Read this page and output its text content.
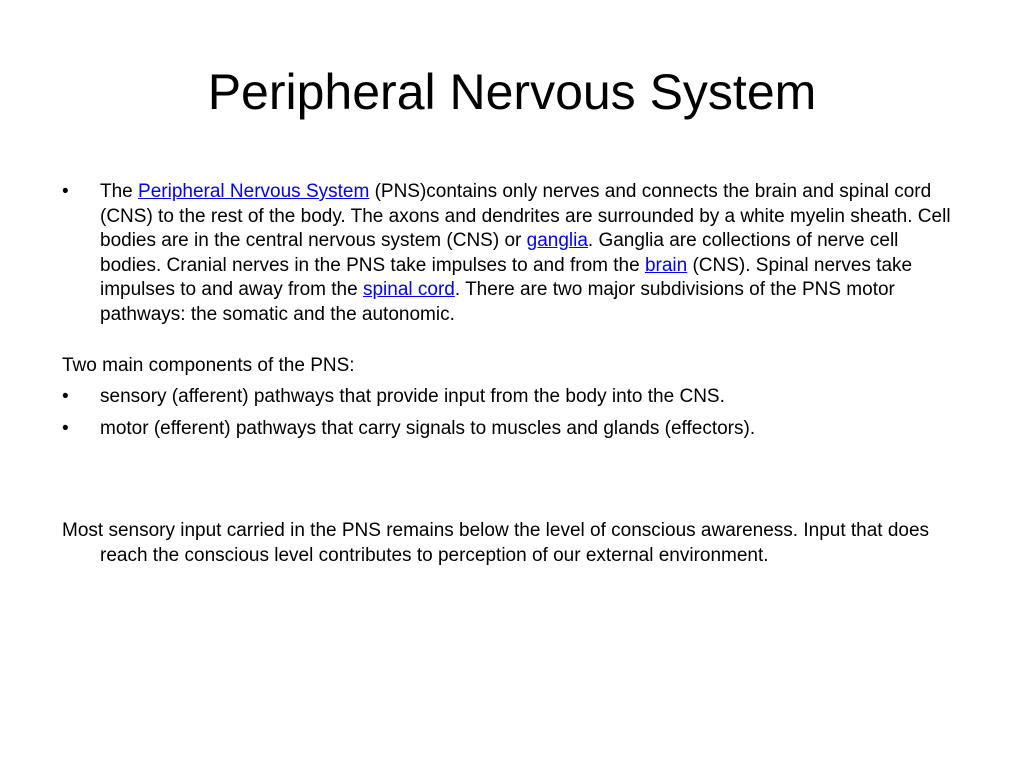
Peripheral Nervous System

• The Peripheral Nervous System (PNS)contains only nerves and connects the brain and spinal cord (CNS) to the rest of the body. The axons and dendrites are surrounded by a white myelin sheath. Cell bodies are in the central nervous system (CNS) or ganglia. Ganglia are collections of nerve cell bodies. Cranial nerves in the PNS take impulses to and from the brain (CNS). Spinal nerves take impulses to and away from the spinal cord. There are two major subdivisions of the PNS motor pathways: the somatic and the autonomic.

Two main components of the PNS:

• sensory (afferent) pathways that provide input from the body into the CNS.

• motor (efferent) pathways that carry signals to muscles and glands (effectors).

Most sensory input carried in the PNS remains below the level of conscious awareness. Input that does reach the conscious level contributes to perception of our external environment.
